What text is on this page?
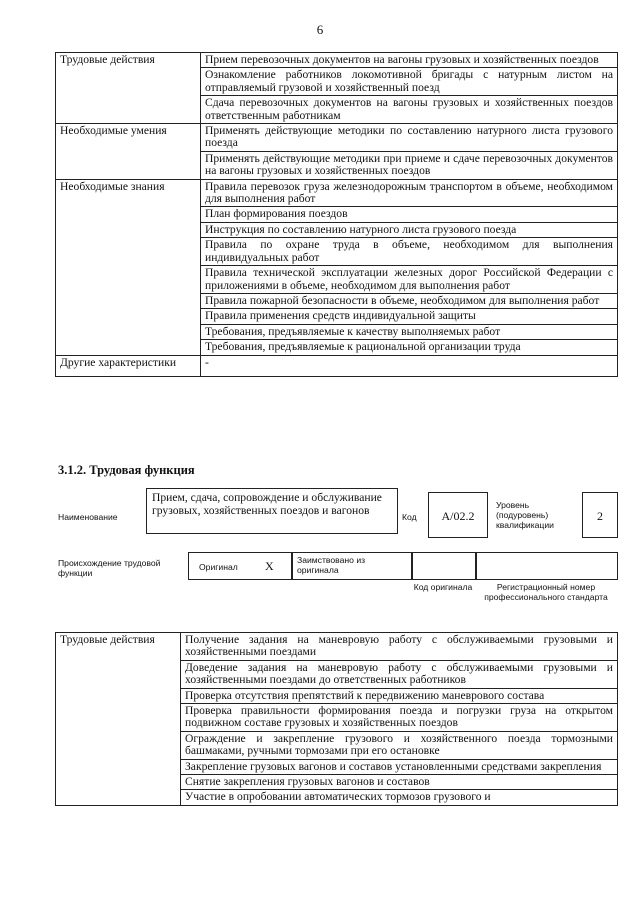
6
Трудовые действия	Прием перевозочных документов на вагоны грузовых и хозяйственных поездов
	Ознакомление работников локомотивной бригады с натурным листом на отправляемый грузовой и хозяйственный поезд
	Сдача перевозочных документов на вагоны грузовых и хозяйственных поездов ответственным работникам
Необходимые умения	Применять действующие методики по составлению натурного листа грузового поезда
	Применять действующие методики при приеме и сдаче перевозочных документов на вагоны грузовых и хозяйственных поездов
Необходимые знания	Правила перевозок груза железнодорожным транспортом в объеме, необходимом для выполнения работ
	План формирования поездов
	Инструкция по составлению натурного листа грузового поезда
	Правила по охране труда в объеме, необходимом для выполнения индивидуальных работ
	Правила технической эксплуатации железных дорог Российской Федерации с приложениями в объеме, необходимом для выполнения работ
	Правила пожарной безопасности в объеме, необходимом для выполнения работ
	Правила применения средств индивидуальной защиты
	Требования, предъявляемые к качеству выполняемых работ
	Требования, предъявляемые к рациональной организации труда
Другие характеристики	-
3.1.2. Трудовая функция
Наименование
Прием, сдача, сопровождение и обслуживание грузовых, хозяйственных поездов и вагонов
Код	А/02.2
Уровень (подуровень) квалификации
2
Происхождение трудовой функции
Оригинал X	Заимствовано из оригинала
Код оригинала	Регистрационный номер профессионального стандарта
Трудовые действия	Получение задания на маневровую работу с обслуживаемыми грузовыми и хозяйственными поездами
Доведение задания на маневровую работу с обслуживаемыми грузовыми и хозяйственными поездами до ответственных работников
Проверка отсутствия препятствий к передвижению маневрового состава
Проверка правильности формирования поезда и погрузки груза на открытом подвижном составе грузовых и хозяйственных поездов
Ограждение и закрепление грузового и хозяйственного поезда тормозными башмаками, ручными тормозами при его остановке
Закрепление грузовых вагонов и составов установленными средствами закрепления
Снятие закрепления грузовых вагонов и составов
Участие в опробовании автоматических тормозов грузового и
